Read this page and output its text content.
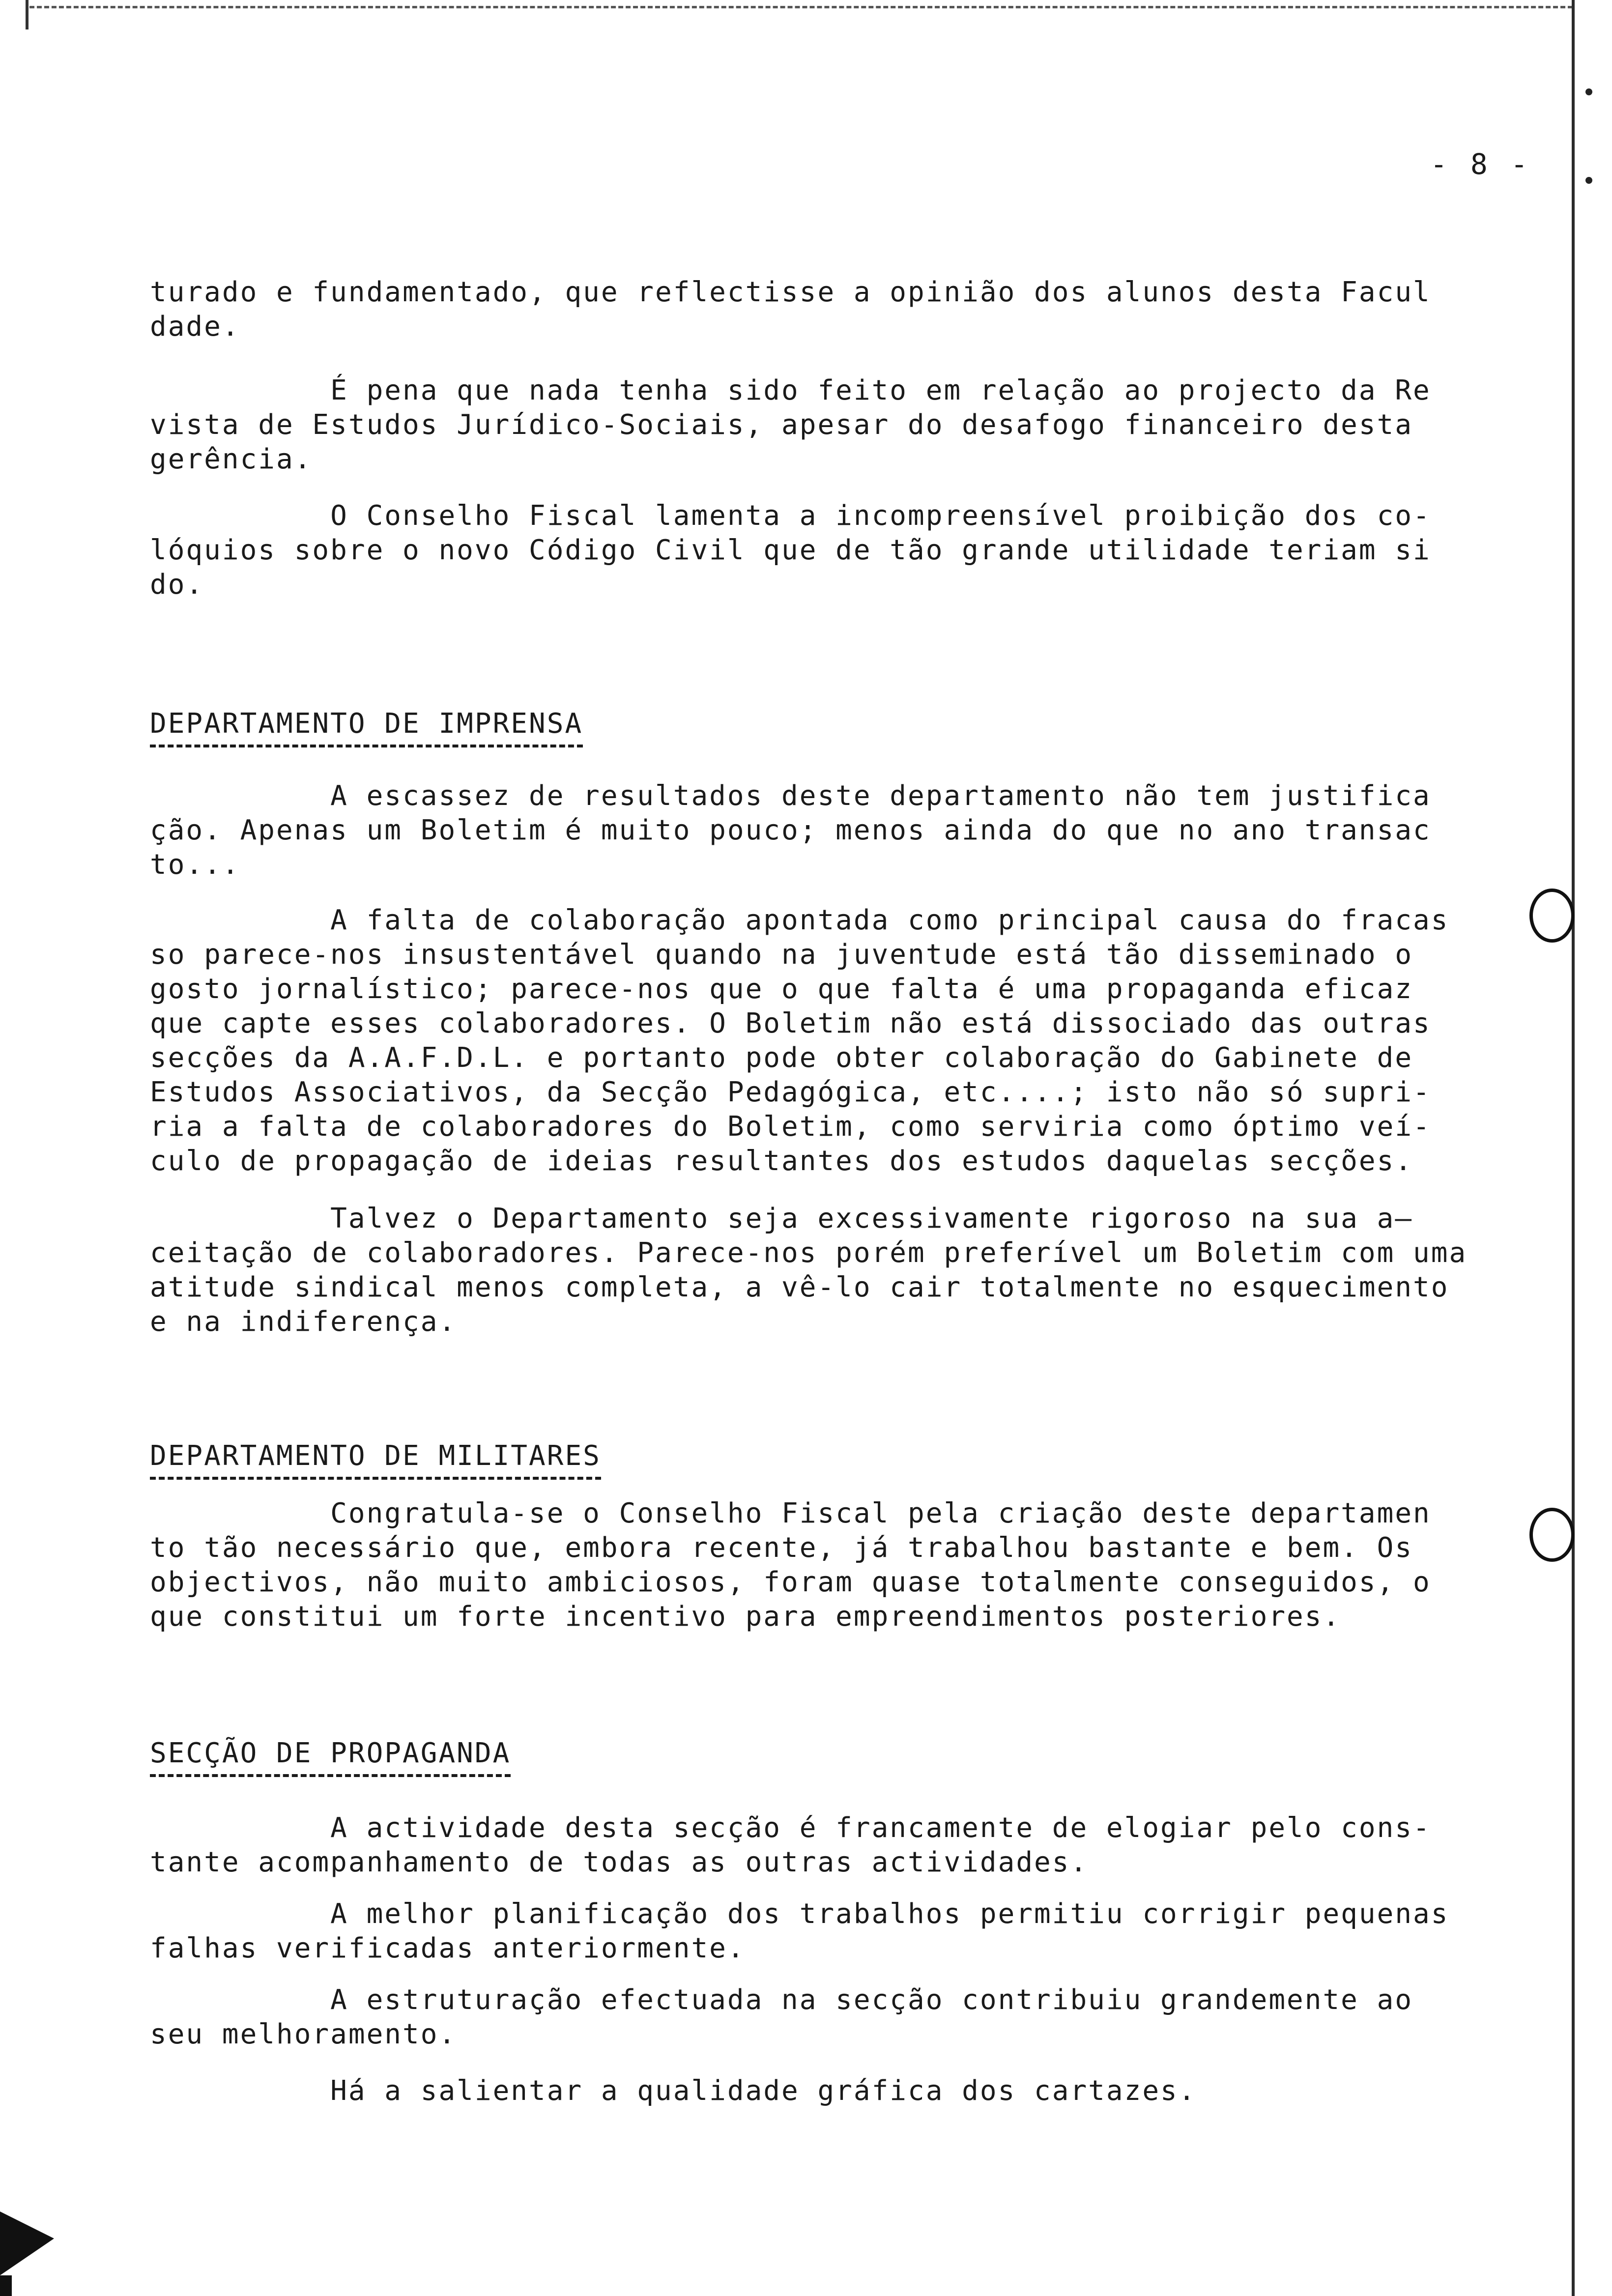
- 8 -
turado e fundamentado, que reflectisse a opinião dos alunos desta Facul
dade.
É pena que nada tenha sido feito em relação ao projecto da Re
vista de Estudos Jurídico-Sociais, apesar do desafogo financeiro desta
gerência.
O Conselho Fiscal lamenta a incompreensível proibição dos co-
lóquios sobre o novo Código Civil que de tão grande utilidade teriam si
do.
DEPARTAMENTO DE IMPRENSA
A escassez de resultados deste departamento não tem justifica
ção. Apenas um Boletim é muito pouco; menos ainda do que no ano transac
to...
A falta de colaboração apontada como principal causa do fracas
so parece-nos insustentável quando na juventude está tão disseminado o
gosto jornalístico; parece-nos que o que falta é uma propaganda eficaz
que capte esses colaboradores. O Boletim não está dissociado das outras
secções da A.A.F.D.L. e portanto pode obter colaboração do Gabinete de
Estudos Associativos, da Secção Pedagógica, etc....; isto não só supri-
ria a falta de colaboradores do Boletim, como serviria como óptimo veí-
culo de propagação de ideias resultantes dos estudos daquelas secções.
Talvez o Departamento seja excessivamente rigoroso na sua a—
ceitação de colaboradores. Parece-nos porém preferível um Boletim com uma
atitude sindical menos completa, a vê-lo cair totalmente no esquecimento
e na indiferença.
DEPARTAMENTO DE MILITARES
Congratula-se o Conselho Fiscal pela criação deste departamen
to tão necessário que, embora recente, já trabalhou bastante e bem. Os
objectivos, não muito ambiciosos, foram quase totalmente conseguidos, o
que constitui um forte incentivo para empreendimentos posteriores.
SECÇÃO DE PROPAGANDA
A actividade desta secção é francamente de elogiar pelo cons-
tante acompanhamento de todas as outras actividades.
A melhor planificação dos trabalhos permitiu corrigir pequenas
falhas verificadas anteriormente.
A estruturação efectuada na secção contribuiu grandemente ao
seu melhoramento.
Há a salientar a qualidade gráfica dos cartazes.
